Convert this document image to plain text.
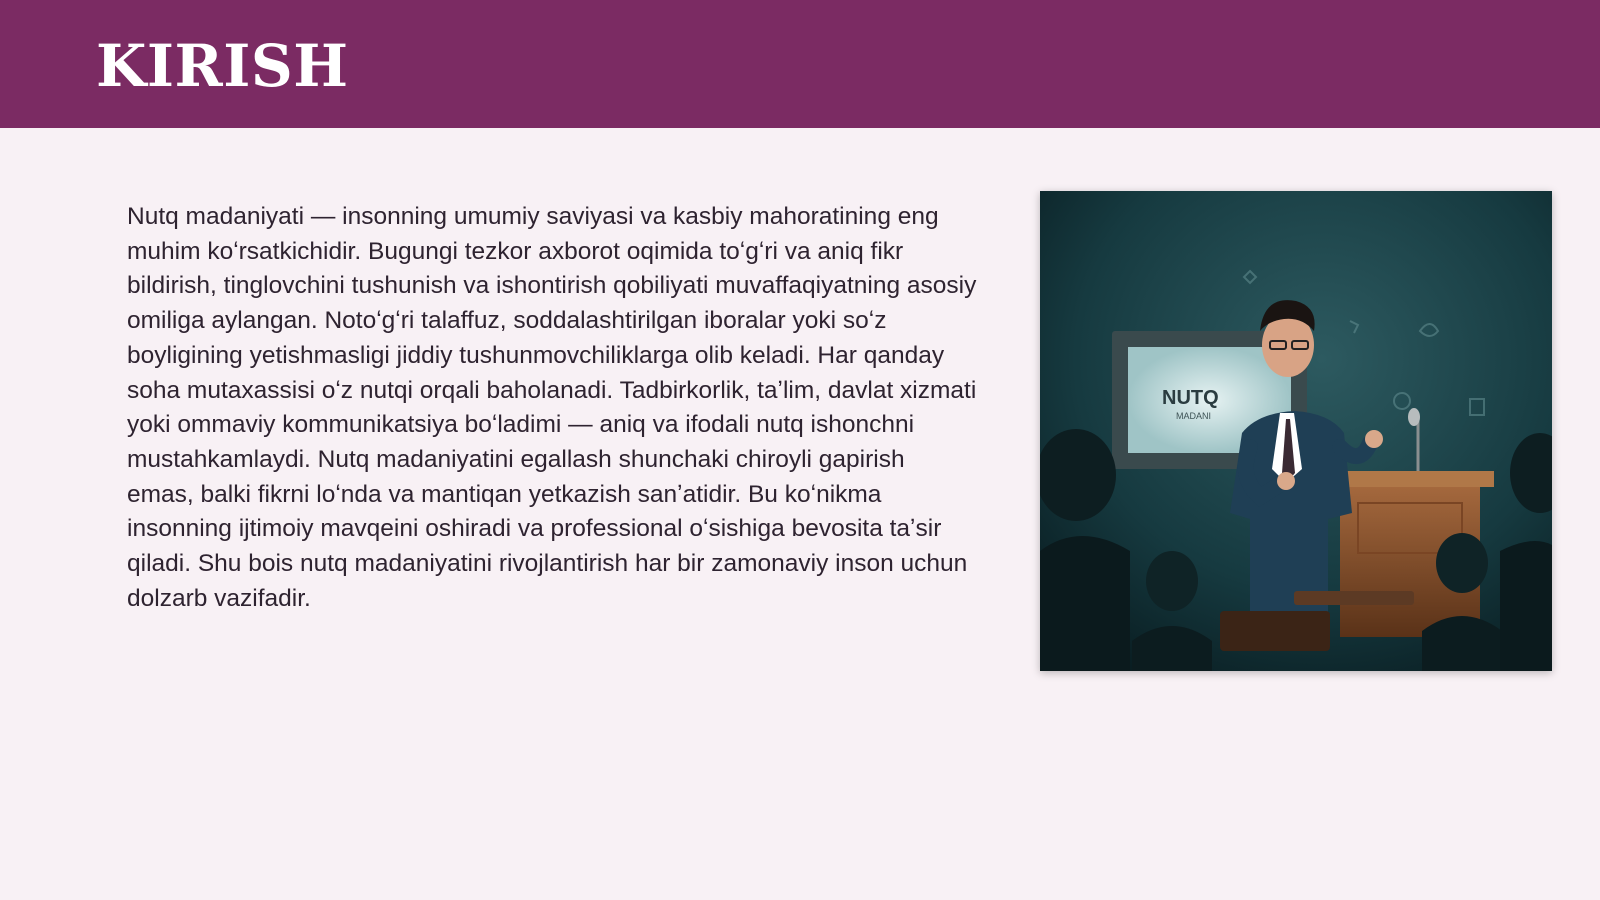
KIRISH

Nutq madaniyati — insonning umumiy saviyasi va kasbiy mahoratining eng muhim koʻrsatkichidir. Bugungi tezkor axborot oqimida toʻgʻri va aniq fikr bildirish, tinglovchini tushunish va ishontirish qobiliyati muvaffaqiyatning asosiy omiliga aylangan. Notoʻgʻri talaffuz, soddalashtirilgan iboralar yoki soʻz boyligining yetishmasligi jiddiy tushunmovchiliklarga olib keladi. Har qanday soha mutaxassisi oʻz nutqi orqali baholanadi. Tadbirkorlik, taʼlim, davlat xizmati yoki ommaviy kommunikatsiya boʻladimi — aniq va ifodali nutq ishonchni mustahkamlaydi. Nutq madaniyatini egallash shunchaki chiroyli gapirish emas, balki fikrni loʻnda va mantiqan yetkazish sanʼatidir. Bu koʻnikma insonning ijtimoiy mavqeini oshiradi va professional oʻsishiga bevosita taʼsir qiladi. Shu bois nutq madaniyatini rivojlantirish har bir zamonaviy inson uchun dolzarb vazifadir.

NUTQ
MADANI
